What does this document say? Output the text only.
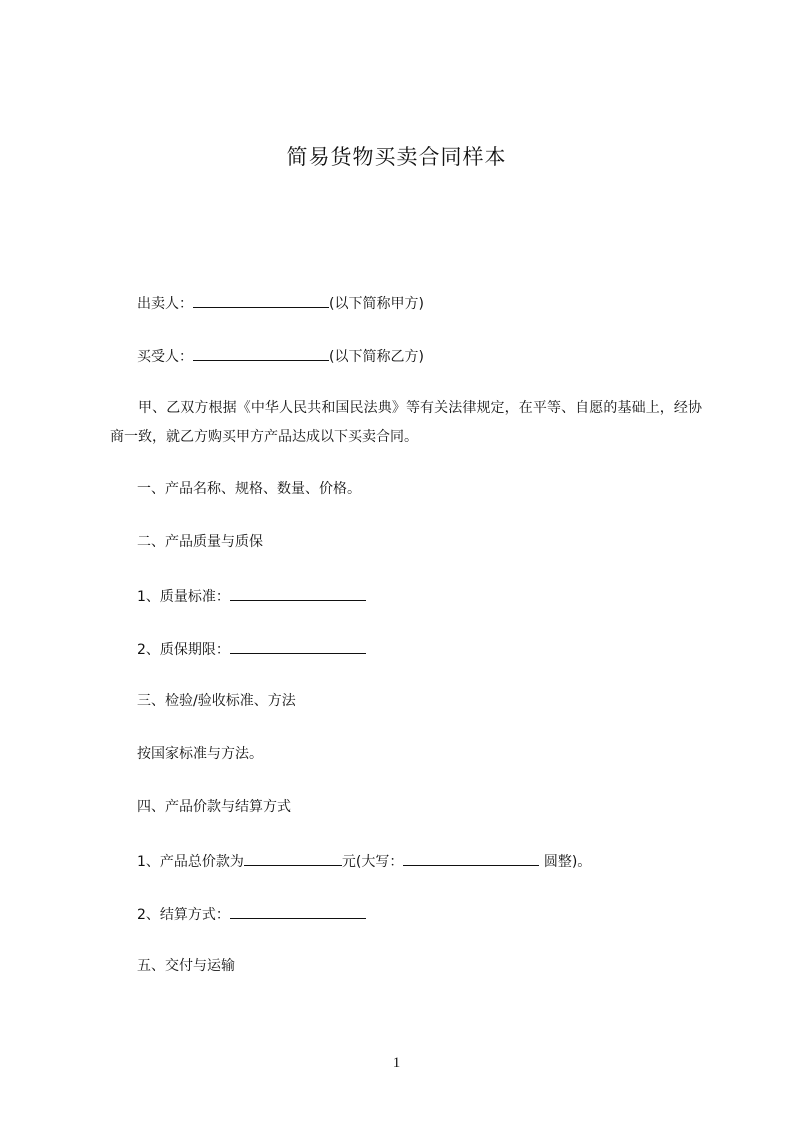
简易货物买卖合同样本
出卖人：	(以下简称甲方)
买受人：	(以下简称乙方)
甲、乙双方根据《中华人民共和国民法典》等有关法律规定，在平等、自愿的基础上，经协商一致，就乙方购买甲方产品达成以下买卖合同。
一、产品名称、规格、数量、价格。
二、产品质量与质保
1、质量标准：
2、质保期限：
三、检验/验收标准、方法
按国家标准与方法。
四、产品价款与结算方式
1、产品总价款为	元(大写：	圆整)。
2、结算方式：
五、交付与运输
1
